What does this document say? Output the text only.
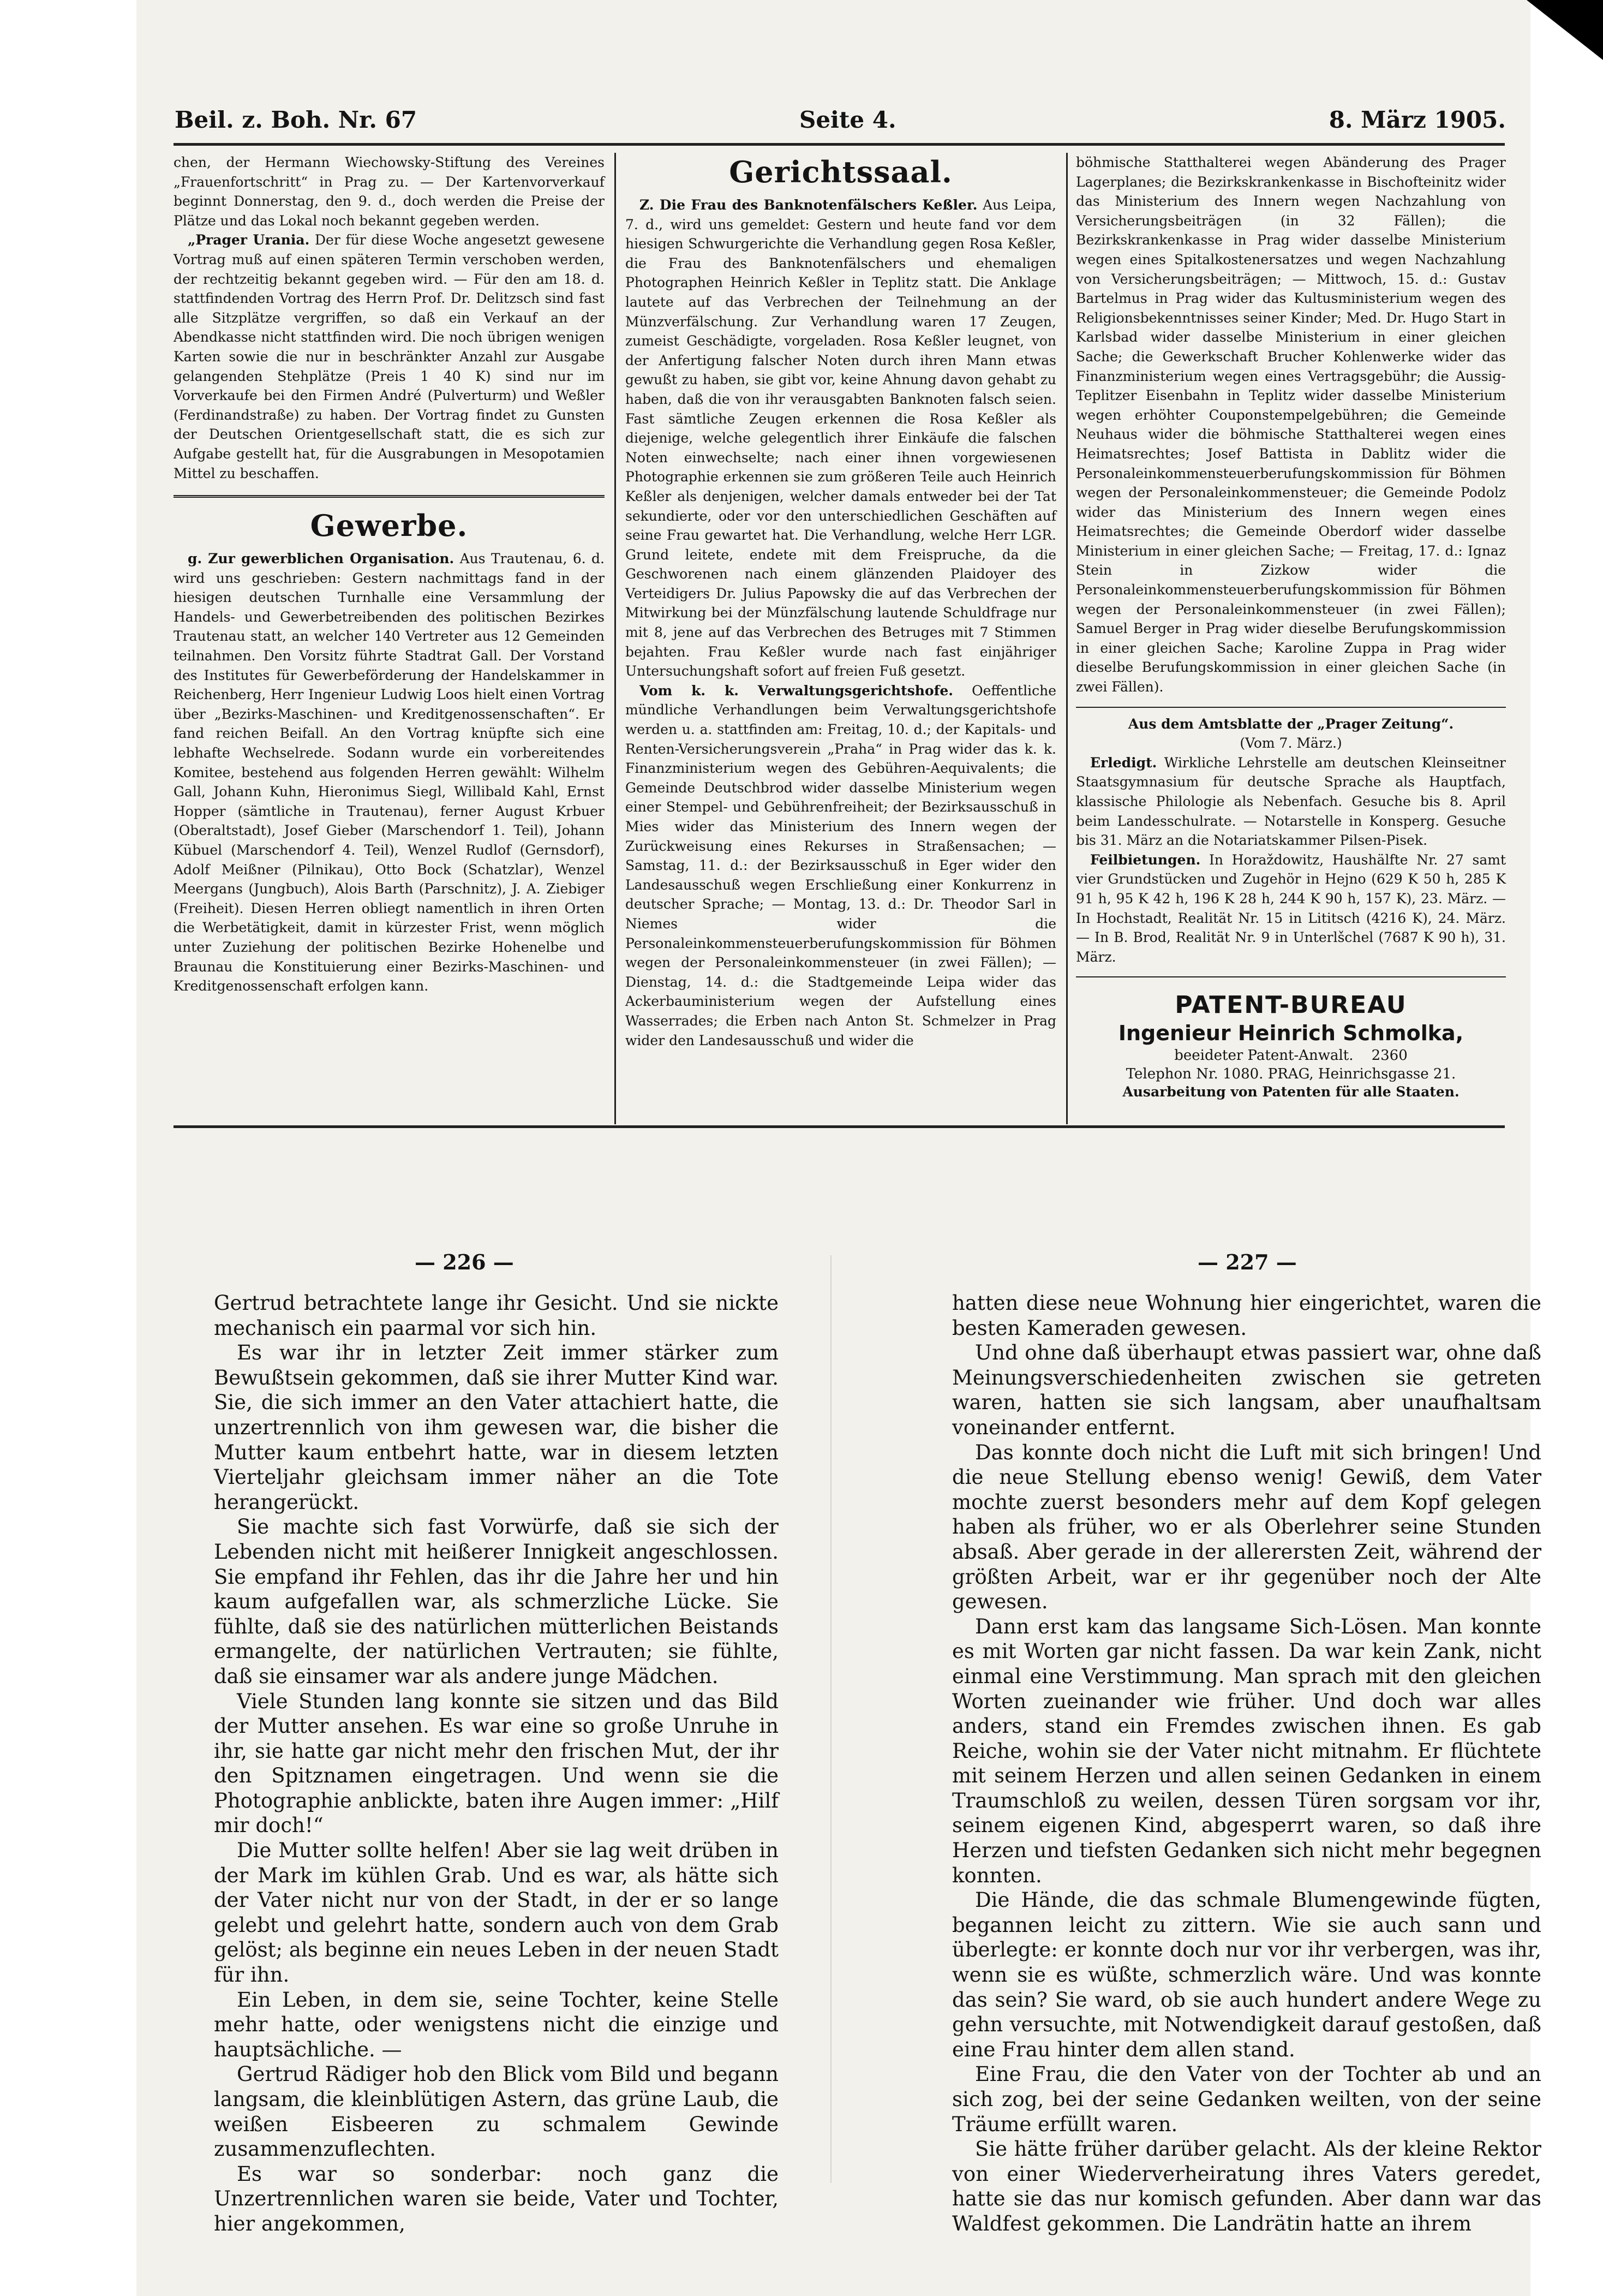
Beil. z. Boh. Nr. 67	Seite 4.	8. März 1905.

chen, der Hermann Wiechowsky-Stiftung des Vereines „Frauenfortschritt“ in Prag zu. — Der Kartenvorverkauf beginnt Donnerstag, den 9. d., doch werden die Preise der Plätze und das Lokal noch bekannt gegeben werden.

„Prager Urania. Der für diese Woche angesetzt gewesene Vortrag muß auf einen späteren Termin verschoben werden, der rechtzeitig bekannt gegeben wird. — Für den am 18. d. stattfindenden Vortrag des Herrn Prof. Dr. Delitzsch sind fast alle Sitzplätze vergriffen, so daß ein Verkauf an der Abendkasse nicht stattfinden wird. Die noch übrigen wenigen Karten sowie die nur in beschränkter Anzahl zur Ausgabe gelangenden Stehplätze (Preis 1 40 K) sind nur im Vorverkaufe bei den Firmen André (Pulverturm) und Weßler (Ferdinandstraße) zu haben. Der Vortrag findet zu Gunsten der Deutschen Orientgesellschaft statt, die es sich zur Aufgabe gestellt hat, für die Ausgrabungen in Mesopotamien Mittel zu beschaffen.

Gewerbe.

g. Zur gewerblichen Organisation. Aus Trautenau, 6. d. wird uns geschrieben: Gestern nachmittags fand in der hiesigen deutschen Turnhalle eine Versammlung der Handels- und Gewerbetreibenden des politischen Bezirkes Trautenau statt, an welcher 140 Vertreter aus 12 Gemeinden teilnahmen. Den Vorsitz führte Stadtrat Gall. Der Vorstand des Institutes für Gewerbeförderung der Handelskammer in Reichenberg, Herr Ingenieur Ludwig Loos hielt einen Vortrag über „Bezirks-Maschinen- und Kreditgenossenschaften“. Er fand reichen Beifall. An den Vortrag knüpfte sich eine lebhafte Wechselrede. Sodann wurde ein vorbereitendes Komitee, bestehend aus folgenden Herren gewählt: Wilhelm Gall, Johann Kuhn, Hieronimus Siegl, Willibald Kahl, Ernst Hopper (sämtliche in Trautenau), ferner August Krbuer (Oberaltstadt), Josef Gieber (Marschendorf 1. Teil), Johann Kübuel (Marschendorf 4. Teil), Wenzel Rudlof (Gernsdorf), Adolf Meißner (Pilnikau), Otto Bock (Schatzlar), Wenzel Meergans (Jungbuch), Alois Barth (Parschnitz), J. A. Ziebiger (Freiheit). Diesen Herren obliegt namentlich in ihren Orten die Werbetätigkeit, damit in kürzester Frist, wenn möglich unter Zuziehung der politischen Bezirke Hohenelbe und Braunau die Konstituierung einer Bezirks-Maschinen- und Kreditgenossenschaft erfolgen kann.

Gerichtssaal.

Z. Die Frau des Banknotenfälschers Keßler. Aus Leipa, 7. d., wird uns gemeldet: Gestern und heute fand vor dem hiesigen Schwurgerichte die Verhandlung gegen Rosa Keßler, die Frau des Banknotenfälschers und ehemaligen Photographen Heinrich Keßler in Teplitz statt. Die Anklage lautete auf das Verbrechen der Teilnehmung an der Münzverfälschung. Zur Verhandlung waren 17 Zeugen, zumeist Geschädigte, vorgeladen. Rosa Keßler leugnet, von der Anfertigung falscher Noten durch ihren Mann etwas gewußt zu haben, sie gibt vor, keine Ahnung davon gehabt zu haben, daß die von ihr verausgabten Banknoten falsch seien. Fast sämtliche Zeugen erkennen die Rosa Keßler als diejenige, welche gelegentlich ihrer Einkäufe die falschen Noten einwechselte; nach einer ihnen vorgewiesenen Photographie erkennen sie zum größeren Teile auch Heinrich Keßler als denjenigen, welcher damals entweder bei der Tat sekundierte, oder vor den unterschiedlichen Geschäften auf seine Frau gewartet hat. Die Verhandlung, welche Herr LGR. Grund leitete, endete mit dem Freispruche, da die Geschworenen nach einem glänzenden Plaidoyer des Verteidigers Dr. Julius Papowsky die auf das Verbrechen der Mitwirkung bei der Münzfälschung lautende Schuldfrage nur mit 8, jene auf das Verbrechen des Betruges mit 7 Stimmen bejahten. Frau Keßler wurde nach fast einjähriger Untersuchungshaft sofort auf freien Fuß gesetzt.

Vom k. k. Verwaltungsgerichtshofe. Oeffentliche mündliche Verhandlungen beim Verwaltungsgerichtshofe werden u. a. stattfinden am: Freitag, 10. d.; der Kapitals- und Renten-Versicherungsverein „Praha“ in Prag wider das k. k. Finanzministerium wegen des Gebühren-Aequivalents; die Gemeinde Deutschbrod wider dasselbe Ministerium wegen einer Stempel- und Gebührenfreiheit; der Bezirksausschuß in Mies wider das Ministerium des Innern wegen der Zurückweisung eines Rekurses in Straßensachen; — Samstag, 11. d.: der Bezirksausschuß in Eger wider den Landesausschuß wegen Erschließung einer Konkurrenz in deutscher Sprache; — Montag, 13. d.: Dr. Theodor Sarl in Niemes wider die Personaleinkommensteuerberufungskommission für Böhmen wegen der Personaleinkommensteuer (in zwei Fällen); — Dienstag, 14. d.: die Stadtgemeinde Leipa wider das Ackerbauministerium wegen der Aufstellung eines Wasserrades; die Erben nach Anton St. Schmelzer in Prag wider den Landesausschuß und wider die

böhmische Statthalterei wegen Abänderung des Prager Lagerplanes; die Bezirkskrankenkasse in Bischofteinitz wider das Ministerium des Innern wegen Nachzahlung von Versicherungsbeiträgen (in 32 Fällen); die Bezirkskrankenkasse in Prag wider dasselbe Ministerium wegen eines Spitalkostenersatzes und wegen Nachzahlung von Versicherungsbeiträgen; — Mittwoch, 15. d.: Gustav Bartelmus in Prag wider das Kultusministerium wegen des Religionsbekenntnisses seiner Kinder; Med. Dr. Hugo Start in Karlsbad wider dasselbe Ministerium in einer gleichen Sache; die Gewerkschaft Brucher Kohlenwerke wider das Finanzministerium wegen eines Vertragsgebühr; die Aussig-Teplitzer Eisenbahn in Teplitz wider dasselbe Ministerium wegen erhöhter Couponstempelgebühren; die Gemeinde Neuhaus wider die böhmische Statthalterei wegen eines Heimatsrechtes; Josef Battista in Dablitz wider die Personaleinkommensteuerberufungskommission für Böhmen wegen der Personaleinkommensteuer; die Gemeinde Podolz wider das Ministerium des Innern wegen eines Heimatsrechtes; die Gemeinde Oberdorf wider dasselbe Ministerium in einer gleichen Sache; — Freitag, 17. d.: Ignaz Stein in Zizkow wider die Personaleinkommensteuerberufungskommission für Böhmen wegen der Personaleinkommensteuer (in zwei Fällen); Samuel Berger in Prag wider dieselbe Berufungskommission in einer gleichen Sache; Karoline Zuppa in Prag wider dieselbe Berufungskommission in einer gleichen Sache (in zwei Fällen).

Aus dem Amtsblatte der „Prager Zeitung“.
(Vom 7. März.)

Erledigt. Wirkliche Lehrstelle am deutschen Kleinseitner Staatsgymnasium für deutsche Sprache als Hauptfach, klassische Philologie als Nebenfach. Gesuche bis 8. April beim Landesschulrate. — Notarstelle in Konsperg. Gesuche bis 31. März an die Notariatskammer Pilsen-Pisek.

Feilbietungen. In Horaždowitz, Haushälfte Nr. 27 samt vier Grundstücken und Zugehör in Hejno (629 K 50 h, 285 K 91 h, 95 K 42 h, 196 K 28 h, 244 K 90 h, 157 K), 23. März. — In Hochstadt, Realität Nr. 15 in Lititsch (4216 K), 24. März. — In B. Brod, Realität Nr. 9 in Unterlšchel (7687 K 90 h), 31. März.

PATENT-BUREAU
Ingenieur Heinrich Schmolka,
beeideter Patent-Anwalt. 2360
Telephon Nr. 1080. PRAG, Heinrichsgasse 21.
Ausarbeitung von Patenten für alle Staaten.
— 226 —	— 227 —

Gertrud betrachtete lange ihr Gesicht. Und sie nickte mechanisch ein paarmal vor sich hin.

Es war ihr in letzter Zeit immer stärker zum Bewußtsein gekommen, daß sie ihrer Mutter Kind war. Sie, die sich immer an den Vater attachiert hatte, die unzertrennlich von ihm gewesen war, die bisher die Mutter kaum entbehrt hatte, war in diesem letzten Vierteljahr gleichsam immer näher an die Tote herangerückt.

Sie machte sich fast Vorwürfe, daß sie sich der Lebenden nicht mit heißerer Innigkeit angeschlossen. Sie empfand ihr Fehlen, das ihr die Jahre her und hin kaum aufgefallen war, als schmerzliche Lücke. Sie fühlte, daß sie des natürlichen mütterlichen Beistands ermangelte, der natürlichen Vertrauten; sie fühlte, daß sie einsamer war als andere junge Mädchen.

Viele Stunden lang konnte sie sitzen und das Bild der Mutter ansehen. Es war eine so große Unruhe in ihr, sie hatte gar nicht mehr den frischen Mut, der ihr den Spitznamen eingetragen. Und wenn sie die Photographie anblickte, baten ihre Augen immer: „Hilf mir doch!“

Die Mutter sollte helfen! Aber sie lag weit drüben in der Mark im kühlen Grab. Und es war, als hätte sich der Vater nicht nur von der Stadt, in der er so lange gelebt und gelehrt hatte, sondern auch von dem Grab gelöst; als beginne ein neues Leben in der neuen Stadt für ihn.

Ein Leben, in dem sie, seine Tochter, keine Stelle mehr hatte, oder wenigstens nicht die einzige und hauptsächliche. —

Gertrud Rädiger hob den Blick vom Bild und begann langsam, die kleinblütigen Astern, das grüne Laub, die weißen Eisbeeren zu schmalem Gewinde zusammenzuflechten.

Es war so sonderbar: noch ganz die Unzertrennlichen waren sie beide, Vater und Tochter, hier angekommen,

hatten diese neue Wohnung hier eingerichtet, waren die besten Kameraden gewesen.

Und ohne daß überhaupt etwas passiert war, ohne daß Meinungsverschiedenheiten zwischen sie getreten waren, hatten sie sich langsam, aber unaufhaltsam voneinander entfernt.

Das konnte doch nicht die Luft mit sich bringen! Und die neue Stellung ebenso wenig! Gewiß, dem Vater mochte zuerst besonders mehr auf dem Kopf gelegen haben als früher, wo er als Oberlehrer seine Stunden absaß. Aber gerade in der allerersten Zeit, während der größten Arbeit, war er ihr gegenüber noch der Alte gewesen.

Dann erst kam das langsame Sich-Lösen. Man konnte es mit Worten gar nicht fassen. Da war kein Zank, nicht einmal eine Verstimmung. Man sprach mit den gleichen Worten zueinander wie früher. Und doch war alles anders, stand ein Fremdes zwischen ihnen. Es gab Reiche, wohin sie der Vater nicht mitnahm. Er flüchtete mit seinem Herzen und allen seinen Gedanken in einem Traumschloß zu weilen, dessen Türen sorgsam vor ihr, seinem eigenen Kind, abgesperrt waren, so daß ihre Herzen und tiefsten Gedanken sich nicht mehr begegnen konnten.

Die Hände, die das schmale Blumengewinde fügten, begannen leicht zu zittern. Wie sie auch sann und überlegte: er konnte doch nur vor ihr verbergen, was ihr, wenn sie es wüßte, schmerzlich wäre. Und was konnte das sein? Sie ward, ob sie auch hundert andere Wege zu gehn versuchte, mit Notwendigkeit darauf gestoßen, daß eine Frau hinter dem allen stand.

Eine Frau, die den Vater von der Tochter ab und an sich zog, bei der seine Gedanken weilten, von der seine Träume erfüllt waren.

Sie hätte früher darüber gelacht. Als der kleine Rektor von einer Wiederverheiratung ihres Vaters geredet, hatte sie das nur komisch gefunden. Aber dann war das Waldfest gekommen. Die Landrätin hatte an ihrem
